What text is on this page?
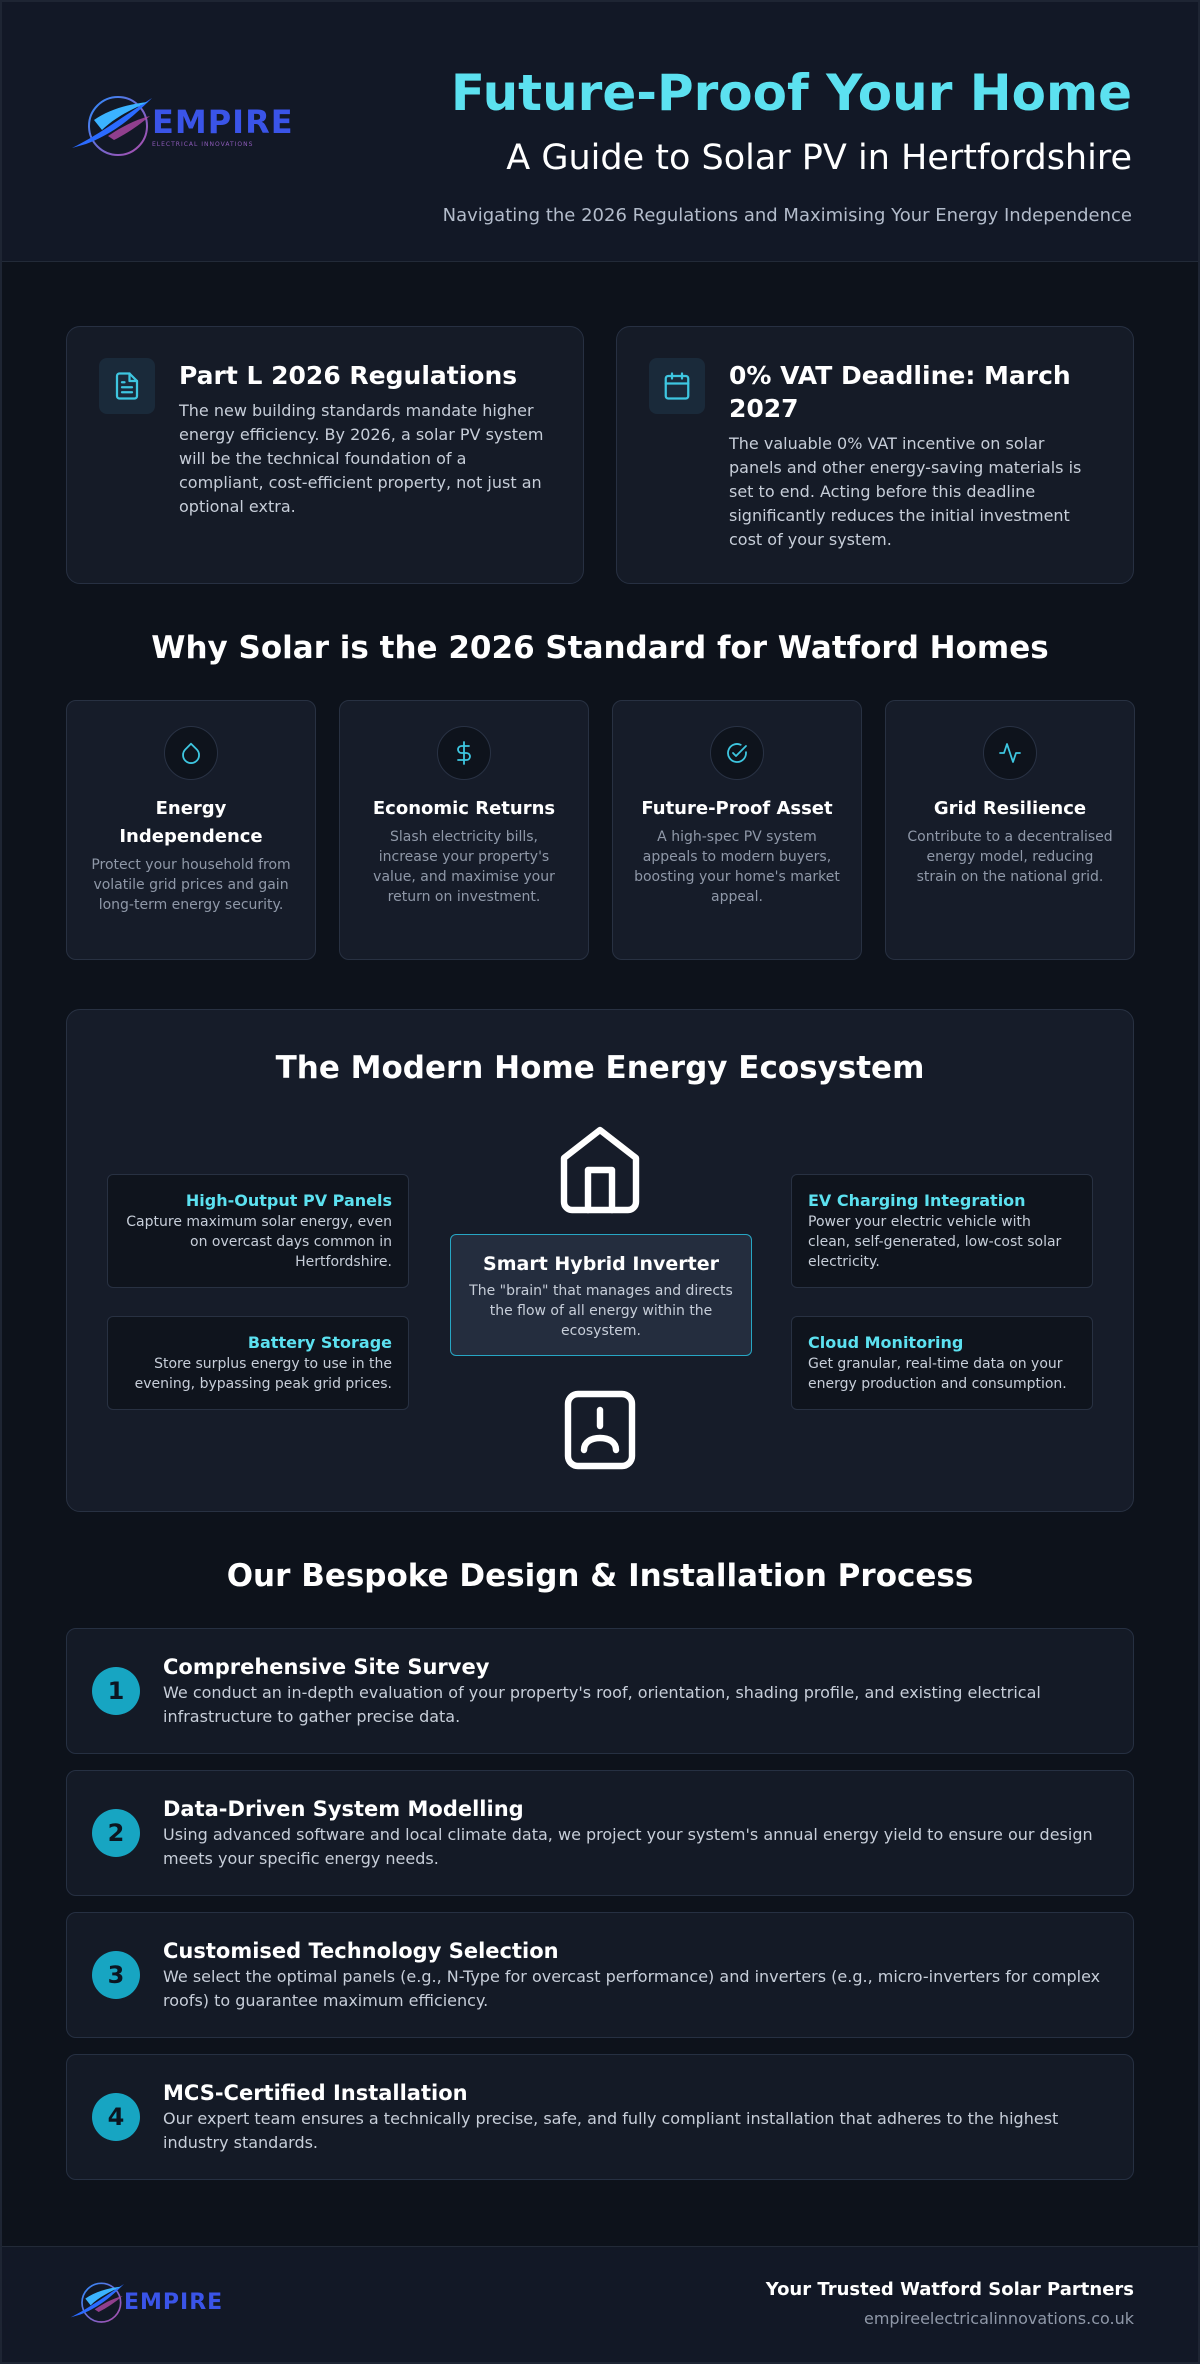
EMPIRE
ELECTRICAL INNOVATIONS
Future-Proof Your Home
A Guide to Solar PV in Hertfordshire
Navigating the 2026 Regulations and Maximising Your Energy Independence
Part L 2026 Regulations

The new building standards mandate higher energy efficiency. By 2026, a solar PV system will be the technical foundation of a compliant, cost-efficient property, not just an optional extra.

0% VAT Deadline: March 2027

The valuable 0% VAT incentive on solar panels and other energy-saving materials is set to end. Acting before this deadline significantly reduces the initial investment cost of your system.

Why Solar is the 2026 Standard for Watford Homes
Energy Independence

Protect your household from volatile grid prices and gain long-term energy security.

Economic Returns

Slash electricity bills, increase your property's value, and maximise your return on investment.

Future-Proof Asset

A high-spec PV system appeals to modern buyers, boosting your home's market appeal.

Grid Resilience

Contribute to a decentralised energy model, reducing strain on the national grid.

The Modern Home Energy Ecosystem
High-Output PV Panels

Capture maximum solar energy, even on overcast days common in Hertfordshire.

Battery Storage

Store surplus energy to use in the evening, bypassing peak grid prices.

Smart Hybrid Inverter

The "brain" that manages and directs the flow of all energy within the ecosystem.

EV Charging Integration

Power your electric vehicle with clean, self-generated, low-cost solar electricity.

Cloud Monitoring

Get granular, real-time data on your energy production and consumption.

Our Bespoke Design & Installation Process
1
Comprehensive Site Survey

We conduct an in-depth evaluation of your property's roof, orientation, shading profile, and existing electrical infrastructure to gather precise data.

2
Data-Driven System Modelling

Using advanced software and local climate data, we project your system's annual energy yield to ensure our design meets your specific energy needs.

3
Customised Technology Selection

We select the optimal panels (e.g., N-Type for overcast performance) and inverters (e.g., micro-inverters for complex roofs) to guarantee maximum efficiency.

4
MCS-Certified Installation

Our expert team ensures a technically precise, safe, and fully compliant installation that adheres to the highest industry standards.

EMPIRE	Your Trusted Watford Solar Partners
empireelectricalinnovations.co.uk
